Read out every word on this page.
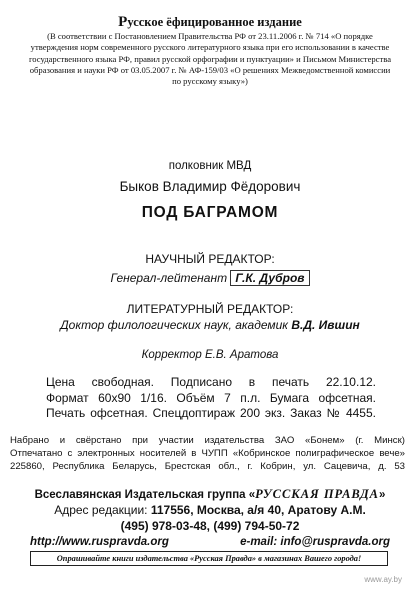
Русское ёфицированное издание
(В соответствии с Постановлением Правительства РФ от 23.11.2006 г. № 714 «О порядке утверждения норм современного русского литературного языка при его использовании в качестве государственного языка РФ, правил русской орфографии и пунктуации» и Письмом Министерства образования и науки РФ от 03.05.2007 г. № АФ-159/03 «О решениях Межведомственной комиссии по русскому языку»)
полковник МВД
Быков Владимир Фёдорович
ПОД БАГРАМОМ
НАУЧНЫЙ РЕДАКТОР:
Генерал-лейтенант Г.К. Дубров
ЛИТЕРАТУРНЫЙ РЕДАКТОР:
Доктор филологических наук, академик В.Д. Ившин
Корректор Е.В. Аратова
Цена свободная. Подписано в печать 22.10.12.
Формат 60х90 1/16. Объём 7 п.л. Бумага офсетная.
Печать офсетная. Спецдоптираж 200 экз. Заказ № 4455.
Набрано и свёрстано при участии издательства ЗАО «Бонем» (г. Минск)
Отпечатано с электронных носителей в ЧУПП «Кобринское полиграфическое вече»
225860, Республика Беларусь, Брестская обл., г. Кобрин, ул. Сацевича, д. 53
Всеславянская Издательская группа «РУССКАЯ ПРАВДА»
Адрес редакции: 117556, Москва, а/я 40, Аратову А.М.
(495) 978-03-48, (499) 794-50-72
http://www.ruspravda.org	e-mail: info@ruspravda.org
Опрашивайте книги издательства «Русская Правда» в магазинах Вашего города!
www.ay.by
